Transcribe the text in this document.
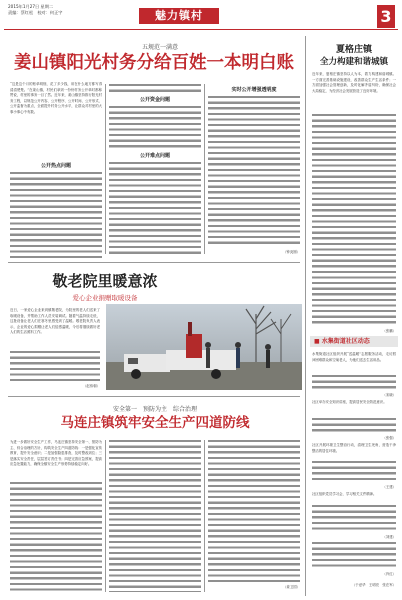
2015年1月27日 星期二
责编：蔡红松　校对：何正宇	魅力镇村	3
五规范一满意
姜山镇阳光村务分给百姓一本明白账
“这是这个月的账单明细，花了多少钱，用在什么地方都写得清清楚楚。”在姜山镇，村民们拿到一份份村务公开单时都称赞说，村里的事务一目了然。近年来，姜山镇坚持推行阳光村务工程，以规范公开内容、公开程序、公开时间、公开形式、公开监督为重点，全面提升村务公开水平，让群众对村里的大事小事心中有数。
公开热点问题
公开资金问题
公开难点问题
实时公开增强透明度
（钟炎刚）
敬老院里暖意浓
爱心企业捐赠取暖设备
近日，一家爱心企业来到镇敬老院，为院里的老人们送来了取暖设备，并帮助工作人员安装调试。随着气温持续走低，这批设备让老人们在寒冬里感受到了温暖。敬老院负责人表示，企业的爱心捐赠让老人们倍感温暖，今后将继续做好老人们的生活照料工作。
（赵伟朝）
安全第一　预防为主　综合治理
马连庄镇筑牢安全生产四道防线
为进一步做好安全生产工作，马连庄镇坚持安全第一、预防为主、综合治理的方针，构筑安全生产四道防线：一是强化宣传教育，提升安全意识；二是加强隐患排查，及时整改到位；三是落实安全责任，层层签订责任书；四是完善应急预案，提高应急处置能力，确保全镇安全生产形势持续稳定向好。
（姜卫国）
夏格庄镇
全力构建和谐城镇
近年来，夏格庄镇坚持以人为本，着力构建和谐城镇。一方面完善基础设施建设，改善群众生产生活条件；一方面加强社会管理创新，及时化解矛盾纠纷，确保社会大局稳定，为经济社会发展营造了良好环境。
（张鹏）
■ 水集街道社区动态
水集街道社区组织开展“送温暖”志愿服务活动，走访慰问困难群众和空巢老人，为他们送去生活用品。
（宋晓）
社区举办安全知识讲座，提高居民安全防范意识。
（张强）
社区开展环境卫生整治行动，清理卫生死角，营造干净整洁的居住环境。
（王建）
社区组织党员学习会，学习相关文件精神。
（刘建）
（肖红）
（于爱华　王明亮　张在军）
